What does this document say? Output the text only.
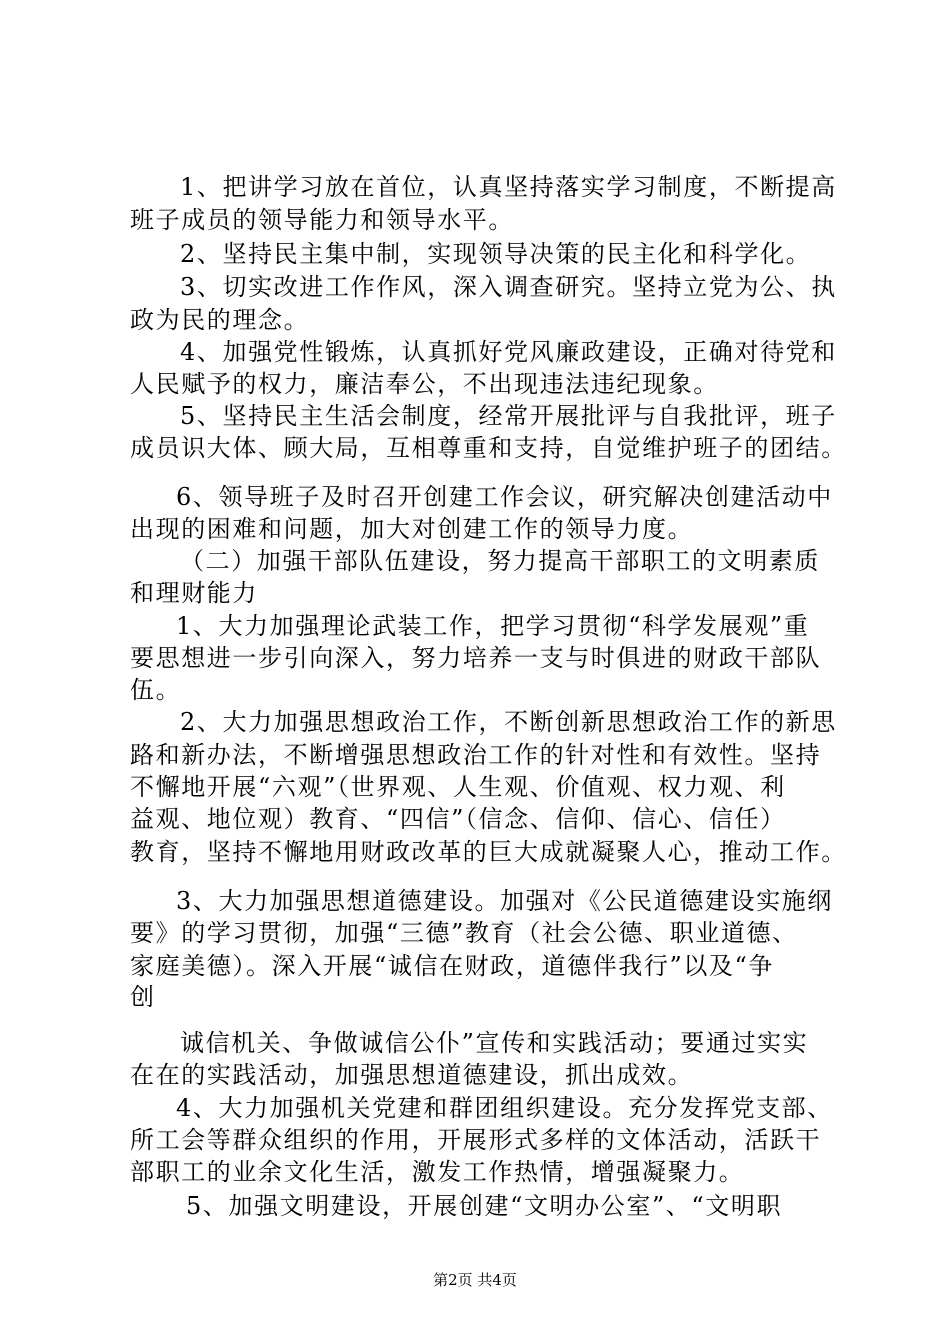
1、把讲学习放在首位，认真坚持落实学习制度，不断提高
班子成员的领导能力和领导水平。
2、坚持民主集中制，实现领导决策的民主化和科学化。
3、切实改进工作作风，深入调查研究。坚持立党为公、执
政为民的理念。
4、加强党性锻炼，认真抓好党风廉政建设，正确对待党和
人民赋予的权力，廉洁奉公，不出现违法违纪现象。
5、坚持民主生活会制度，经常开展批评与自我批评，班子
成员识大体、顾大局，互相尊重和支持，自觉维护班子的团结。
6、领导班子及时召开创建工作会议，研究解决创建活动中
出现的困难和问题，加大对创建工作的领导力度。
（二）加强干部队伍建设，努力提高干部职工的文明素质
和理财能力
1、大力加强理论武装工作，把学习贯彻“科学发展观”重
要思想进一步引向深入，努力培养一支与时俱进的财政干部队
伍。
2、大力加强思想政治工作，不断创新思想政治工作的新思
路和新办法，不断增强思想政治工作的针对性和有效性。坚持
不懈地开展“六观”（世界观、人生观、价值观、权力观、利
益观、地位观）教育、“四信”（信念、信仰、信心、信任）
教育，坚持不懈地用财政改革的巨大成就凝聚人心，推动工作。
3、大力加强思想道德建设。加强对《公民道德建设实施纲
要》的学习贯彻，加强“三德”教育（社会公德、职业道德、
家庭美德）。深入开展“诚信在财政，道德伴我行”以及“争
创
诚信机关、争做诚信公仆”宣传和实践活动；要通过实实
在在的实践活动，加强思想道德建设，抓出成效。
4、大力加强机关党建和群团组织建设。充分发挥党支部、
所工会等群众组织的作用，开展形式多样的文体活动，活跃干
部职工的业余文化生活，激发工作热情，增强凝聚力。
5、加强文明建设，开展创建“文明办公室”、“文明职
第2页 共4页
